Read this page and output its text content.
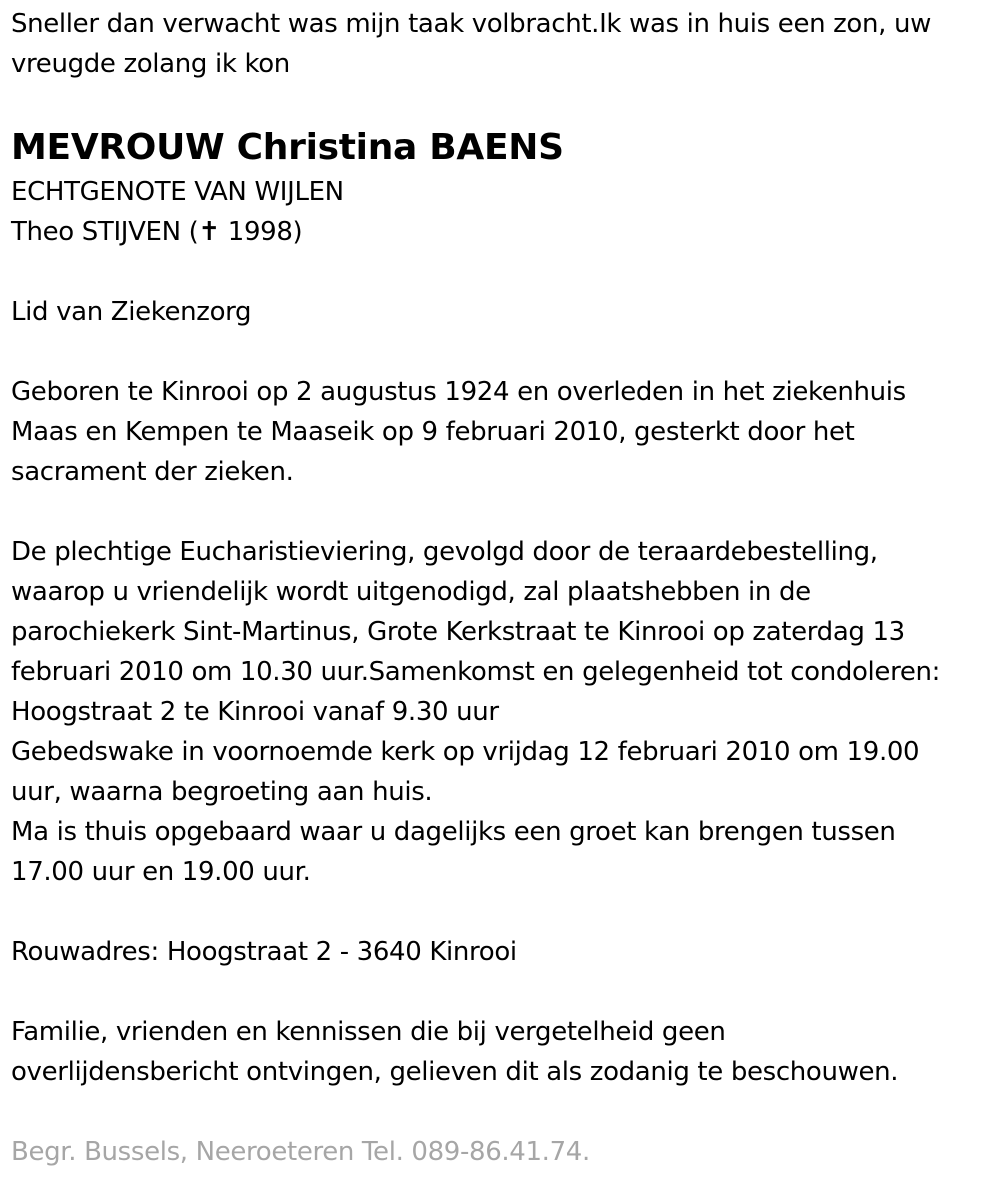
Sneller dan verwacht was mijn taak volbracht.Ik was in huis een zon, uw
vreugde zolang ik kon
MEVROUW Christina BAENS
ECHTGENOTE VAN WIJLEN
Theo STIJVEN (✝ 1998)
Lid van Ziekenzorg
Geboren te Kinrooi op 2 augustus 1924 en overleden in het ziekenhuis
Maas en Kempen te Maaseik op 9 februari 2010, gesterkt door het
sacrament der zieken.
De plechtige Eucharistieviering, gevolgd door de teraardebestelling,
waarop u vriendelijk wordt uitgenodigd, zal plaatshebben in de
parochiekerk Sint-Martinus, Grote Kerkstraat te Kinrooi op zaterdag 13
februari 2010 om 10.30 uur.Samenkomst en gelegenheid tot condoleren:
Hoogstraat 2 te Kinrooi vanaf 9.30 uur
Gebedswake in voornoemde kerk op vrijdag 12 februari 2010 om 19.00
uur, waarna begroeting aan huis.
Ma is thuis opgebaard waar u dagelijks een groet kan brengen tussen
17.00 uur en 19.00 uur.
Rouwadres: Hoogstraat 2 - 3640 Kinrooi
Familie, vrienden en kennissen die bij vergetelheid geen
overlijdensbericht ontvingen, gelieven dit als zodanig te beschouwen.
Begr. Bussels, Neeroeteren Tel. 089-86.41.74.
